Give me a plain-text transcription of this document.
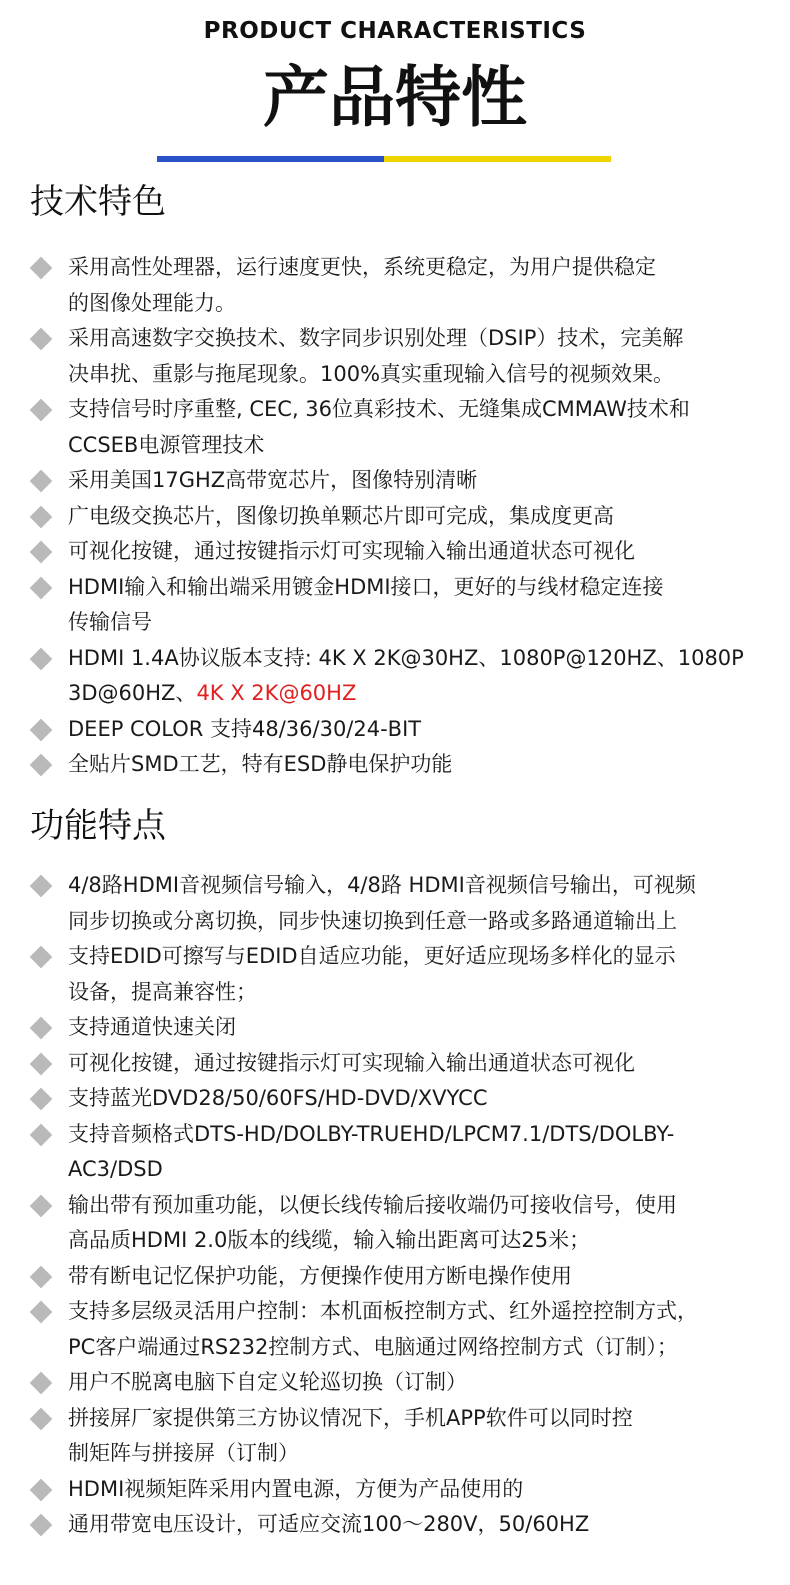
PRODUCT CHARACTERISTICS
产品特性
技术特色
采用高性处理器，运行速度更快，系统更稳定，为用户提供稳定
的图像处理能力。
采用高速数字交换技术、数字同步识别处理（DSIP）技术，完美解
决串扰、重影与拖尾现象。100%真实重现输入信号的视频效果。
支持信号时序重整, CEC, 36位真彩技术、无缝集成CMMAW技术和
CCSEB电源管理技术
采用美国17GHZ高带宽芯片，图像特别清晰
广电级交换芯片，图像切换单颗芯片即可完成，集成度更高
可视化按键，通过按键指示灯可实现输入输出通道状态可视化
HDMI输入和输出端采用镀金HDMI接口，更好的与线材稳定连接
传输信号
HDMI 1.4A协议版本支持: 4K X 2K@30HZ、1080P@120HZ、1080P
3D@60HZ、4K X 2K@60HZ
DEEP COLOR 支持48/36/30/24-BIT
全贴片SMD工艺，特有ESD静电保护功能
功能特点
4/8路HDMI音视频信号输入，4/8路 HDMI音视频信号输出，可视频
同步切换或分离切换，同步快速切换到任意一路或多路通道输出上
支持EDID可擦写与EDID自适应功能，更好适应现场多样化的显示
设备，提高兼容性；
支持通道快速关闭
可视化按键，通过按键指示灯可实现输入输出通道状态可视化
支持蓝光DVD28/50/60FS/HD-DVD/XVYCC
支持音频格式DTS-HD/DOLBY-TRUEHD/LPCM7.1/DTS/DOLBY-
AC3/DSD
输出带有预加重功能，以便长线传输后接收端仍可接收信号，使用
高品质HDMI 2.0版本的线缆，输入输出距离可达25米；
带有断电记忆保护功能，方便操作使用方断电操作使用
支持多层级灵活用户控制：本机面板控制方式、红外遥控控制方式，
PC客户端通过RS232控制方式、电脑通过网络控制方式（订制）；
用户不脱离电脑下自定义轮巡切换（订制）
拼接屏厂家提供第三方协议情况下，手机APP软件可以同时控
制矩阵与拼接屏（订制）
HDMI视频矩阵采用内置电源，方便为产品使用的
通用带宽电压设计，可适应交流100～280V，50/60HZ
